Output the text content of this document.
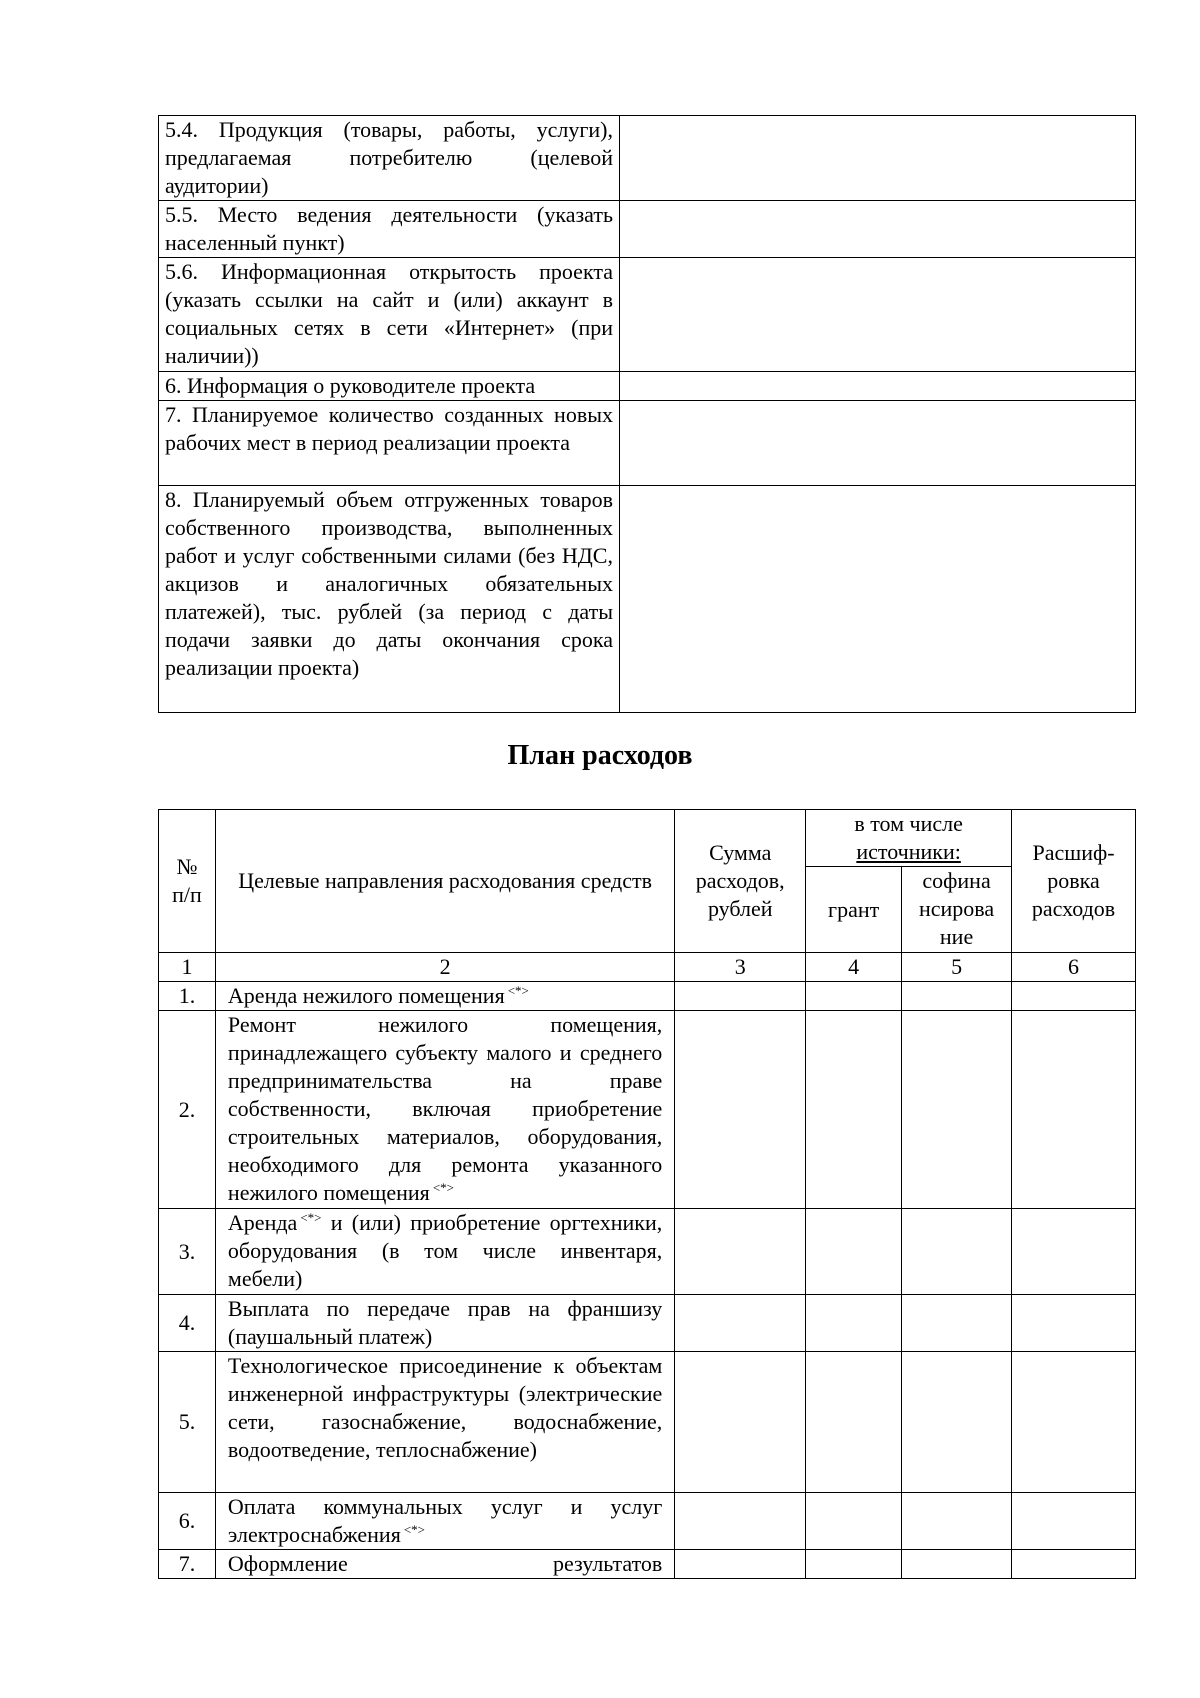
5.4. Продукция (товары, работы, услуги), предлагаемая потребителю (целевой аудитории)	
5.5. Место ведения деятельности (указать населенный пункт)	
5.6. Информационная открытость проекта (указать ссылки на сайт и (или) аккаунт в социальных сетях в сети «Интернет» (при наличии))	
6. Информация о руководителе проекта	
7. Планируемое количество созданных новых рабочих мест в период реализации проекта	
8. Планируемый объем отгруженных товаров собственного производства, выполненных работ и услуг собственными силами (без НДС, акцизов и аналогичных обязательных платежей), тыс. рублей (за период с даты подачи заявки до даты окончания срока реализации проекта)	
План расходов
№ п/п	Целевые направления расходования средств	Сумма расходов, рублей	в том числе источники:		Расшиф-ровка расходов
			грант	софина нсирова ние	
1	2	3	4	5	6
1.	Аренда нежилого помещения <*>				
2.	Ремонт нежилого помещения, принадлежащего субъекту малого и среднего предпринимательства на праве собственности, включая приобретение строительных материалов, оборудования, необходимого для ремонта указанного нежилого помещения <*>				
3.	Аренда <*> и (или) приобретение оргтехники, оборудования (в том числе инвентаря, мебели)				
4.	Выплата по передаче прав на франшизу (паушальный платеж)				
5.	Технологическое присоединение к объектам инженерной инфраструктуры (электрические сети, газоснабжение, водоснабжение, водоотведение, теплоснабжение)				
6.	Оплата коммунальных услуг и услуг электроснабжения <*>				
7.	Оформление результатов				
